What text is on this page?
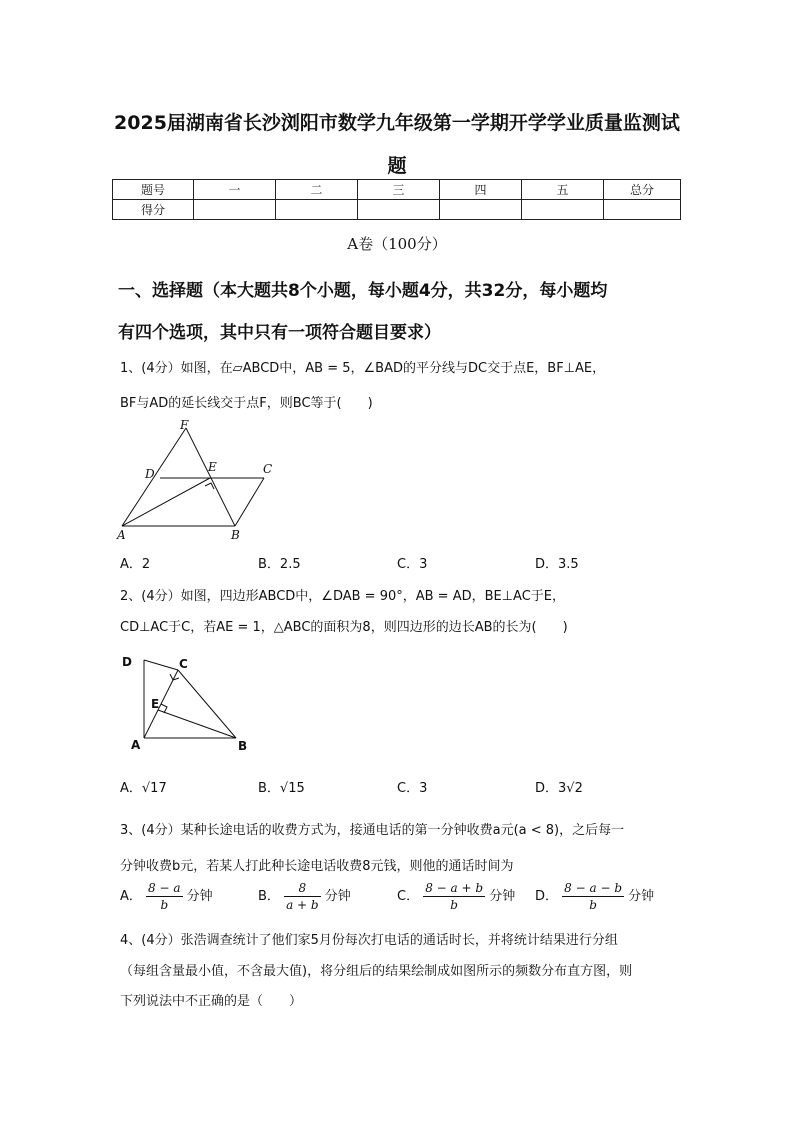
2025届湖南省长沙浏阳市数学九年级第一学期开学学业质量监测试
题
题号	一	二	三	四	五	总分
得分						
A卷（100分）
一、选择题（本大题共8个小题，每小题4分，共32分，每小题均
有四个选项，其中只有一项符合题目要求）
1、(4分）如图，在▱ABCD中，AB = 5，∠BAD的平分线与DC交于点E，BF⊥AE，
BF与AD的延长线交于点F，则BC等于(　　)
F
D	E	C
A	B
A．2	B．2.5	C．3	D．3.5
2、(4分）如图，四边形ABCD中，∠DAB = 90°，AB = AD，BE⊥AC于E，
CD⊥AC于C，若AE = 1，△ABC的面积为8，则四边形的边长AB的长为(　　)
D	C
E
A	B
A．√17	B．√15	C．3	D．3√2
3、(4分）某种长途电话的收费方式为，接通电话的第一分钟收费a元(a < 8)，之后每一
分钟收费b元，若某人打此种长途电话收费8元钱，则他的通话时间为
A． $\frac{8 - a}{b}$ 分钟	B． $\frac{8}{a + b}$ 分钟	C． $\frac{8 - a + b}{b}$ 分钟 D． $\frac{8 - a - b}{b}$ 分钟
4、(4分）张浩调查统计了他们家5月份每次打电话的通话时长，并将统计结果进行分组
（每组含量最小值，不含最大值)，将分组后的结果绘制成如图所示的频数分布直方图，则
下列说法中不正确的是（　　）
